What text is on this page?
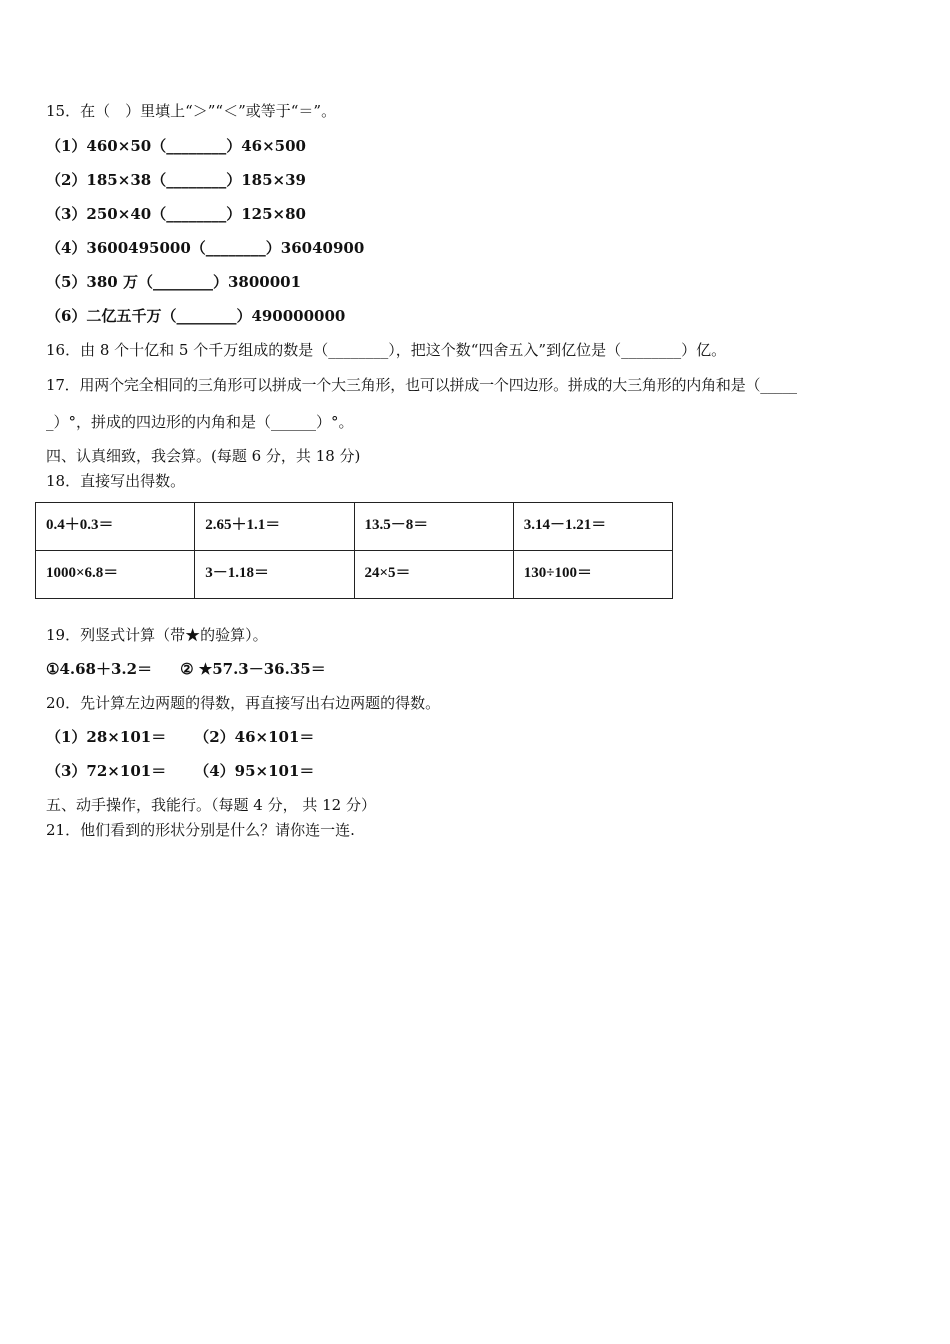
15．在（　）里填上“＞”“＜”或等于“＝”。
（1）460×50（________）46×500
（2）185×38（________）185×39
（3）250×40（________）125×80
（4）3600495000（________）36040900
（5）380 万（________）3800001
（6）二亿五千万（________）490000000
16．由 8 个十亿和 5 个千万组成的数是（________），把这个数“四舍五入”到亿位是（________）亿。
17．用两个完全相同的三角形可以拼成一个大三角形，也可以拼成一个四边形。拼成的大三角形的内角和是（_____
_）°，拼成的四边形的内角和是（______）°。
四、认真细致，我会算。(每题 6 分，共 18 分)
18．直接写出得数。
0.4＋0.3＝	2.65＋1.1＝	13.5－8＝	3.14－1.21＝
1000×6.8＝	3－1.18＝	24×5＝	130÷100＝
19．列竖式计算（带★的验算）。
①4.68＋3.2＝ ② ★57.3－36.35＝
20．先计算左边两题的得数，再直接写出右边两题的得数。
（1）28×101＝ （2）46×101＝
（3）72×101＝ （4）95×101＝
五、动手操作，我能行。（每题 4 分， 共 12 分）
21．他们看到的形状分别是什么？请你连一连.
